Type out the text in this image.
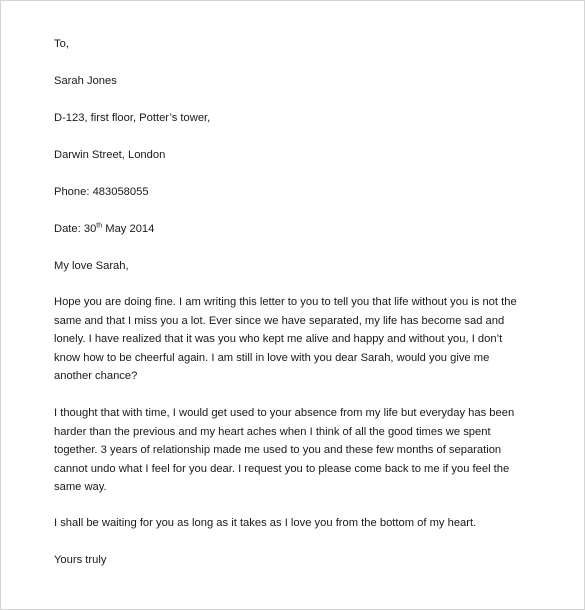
To,
Sarah Jones
D-123, first floor, Potter’s tower,
Darwin Street, London
Phone: 483058055
Date: 30th May 2014
My love Sarah,

Hope you are doing fine. I am writing this letter to you to tell you that life without you is not the
same and that I miss you a lot. Ever since we have separated, my life has become sad and
lonely. I have realized that it was you who kept me alive and happy and without you, I don’t
know how to be cheerful again. I am still in love with you dear Sarah, would you give me
another chance?

I thought that with time, I would get used to your absence from my life but everyday has been
harder than the previous and my heart aches when I think of all the good times we spent
together. 3 years of relationship made me used to you and these few months of separation
cannot undo what I feel for you dear. I request you to please come back to me if you feel the
same way.

I shall be waiting for you as long as it takes as I love you from the bottom of my heart.
Yours truly
